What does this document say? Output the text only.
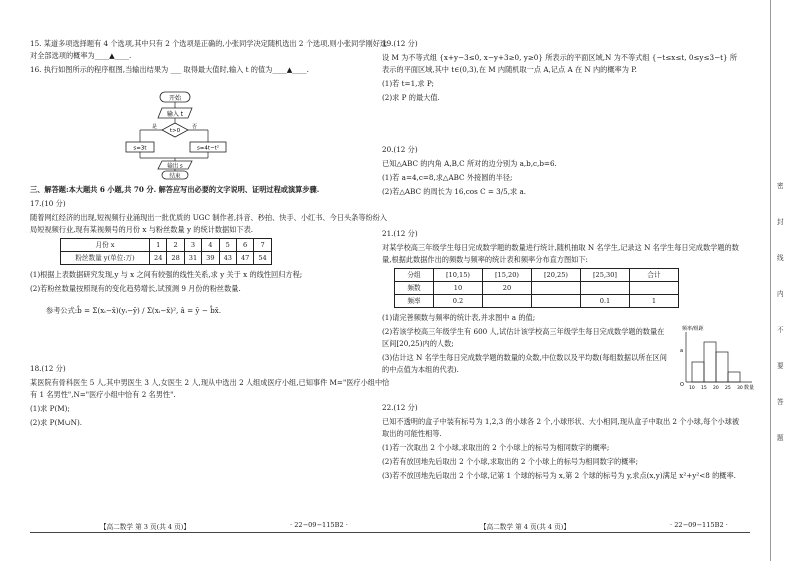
15. 某道多项选择题有 4 个选项,其中只有 2 个选项是正确的,小张同学决定随机选出 2 个选项,则小张同学刚好选对全部选项的概率为____▲____.

16. 执行如图所示的程序框图,当输出结果为 ___ 取得最大值时,输入 t 的值为____▲____.

三、解答题:本大题共 6 小题,共 70 分. 解答应写出必要的文字说明、证明过程或演算步骤.

17.(10 分)

随着网红经济的出现,短视频行业涌现出一批优质的 UGC 制作者,抖音、秒拍、快手、小红书、今日头条等纷纷入局短视频行业,现有某视频号的月份 x 与粉丝数量 y 的统计数据如下表.

月份 x	1	2	3	4	5	6	7
粉丝数量 y(单位:万)	24	28	31	39	43	47	54

(1)根据上表数据研究发现,y 与 x 之间有较强的线性关系,求 y 关于 x 的线性回归方程;

(2)若粉丝数量按照现有的变化趋势增长,试预测 9 月份的粉丝数量.

参考公式:b̂ = Σ(xᵢ−x̄)(yᵢ−ȳ) / Σ(xᵢ−x̄)², â = ȳ − b̂x̄.

18.(12 分)

某医院有骨科医生 5 人,其中男医生 3 人,女医生 2 人,现从中选出 2 人组成医疗小组,已知事件 M="医疗小组中恰有 1 名男性",N="医疗小组中恰有 2 名男性".

(1)求 P(M);

(2)求 P(M∪N).

开始
输入 t
t>0
是	否
s=3t	s=4t−t²
输出 s
结束

19.(12 分)

设 M 为不等式组 {x+y−3≤0, x−y+3≥0, y≥0} 所表示的平面区域,N 为不等式组 {−t≤x≤t, 0≤y≤3−t} 所表示的平面区域,其中 t∈(0,3),在 M 内随机取一点 A,记点 A 在 N 内的概率为 P.

(1)若 t=1,求 P;

(2)求 P 的最大值.

20.(12 分)

已知△ABC 的内角 A,B,C 所对的边分别为 a,b,c,b=6.

(1)若 a=4,c=8,求△ABC 外接圆的半径;

(2)若△ABC 的周长为 16,cos C = 3/5,求 a.

21.(12 分)

对某学校高三年级学生每日完成数学题的数量进行统计,随机抽取 N 名学生,记录这 N 名学生每日完成数学题的数量,根据此数据作出的频数与频率的统计表和频率分布直方图如下:

分组	[10,15)	[15,20)	[20,25)	[25,30]	合计
频数	10	20			
频率	0.2			0.1	1

(1)请完善频数与频率的统计表,并求图中 a 的值;

(2)若该学校高三年级学生有 600 人,试估计该学校高三年级学生每日完成数学题的数量在区间[20,25)内的人数;

(3)估计这 N 名学生每日完成数学题的数量的众数,中位数以及平均数(每组数据以所在区间的中点值为本组的代表).

22.(12 分)

已知不透明的盒子中装有标号为 1,2,3 的小球各 2 个,小球形状、大小相同,现从盒子中取出 2 个小球,每个小球被取出的可能性相等.

(1)若一次取出 2 个小球,求取出的 2 个小球上的标号为相同数字的概率;

(2)若有放回地先后取出 2 个小球,求取出的 2 个小球上的标号为相同数字的概率;

(3)若不放回地先后取出 2 个小球,记第 1 个球的标号为 x,第 2 个球的标号为 y,求点(x,y)满足 x²+y²<8 的概率.

频率/组距
O	数量
a
10 15 20 25 30
【高二数学 第 3 页(共 4 页)】	· 22−09−115B2 ·	【高二数学 第 4 页(共 4 页)】	· 22−09−115B2 ·
密
封
线
内
不
要
答
题
